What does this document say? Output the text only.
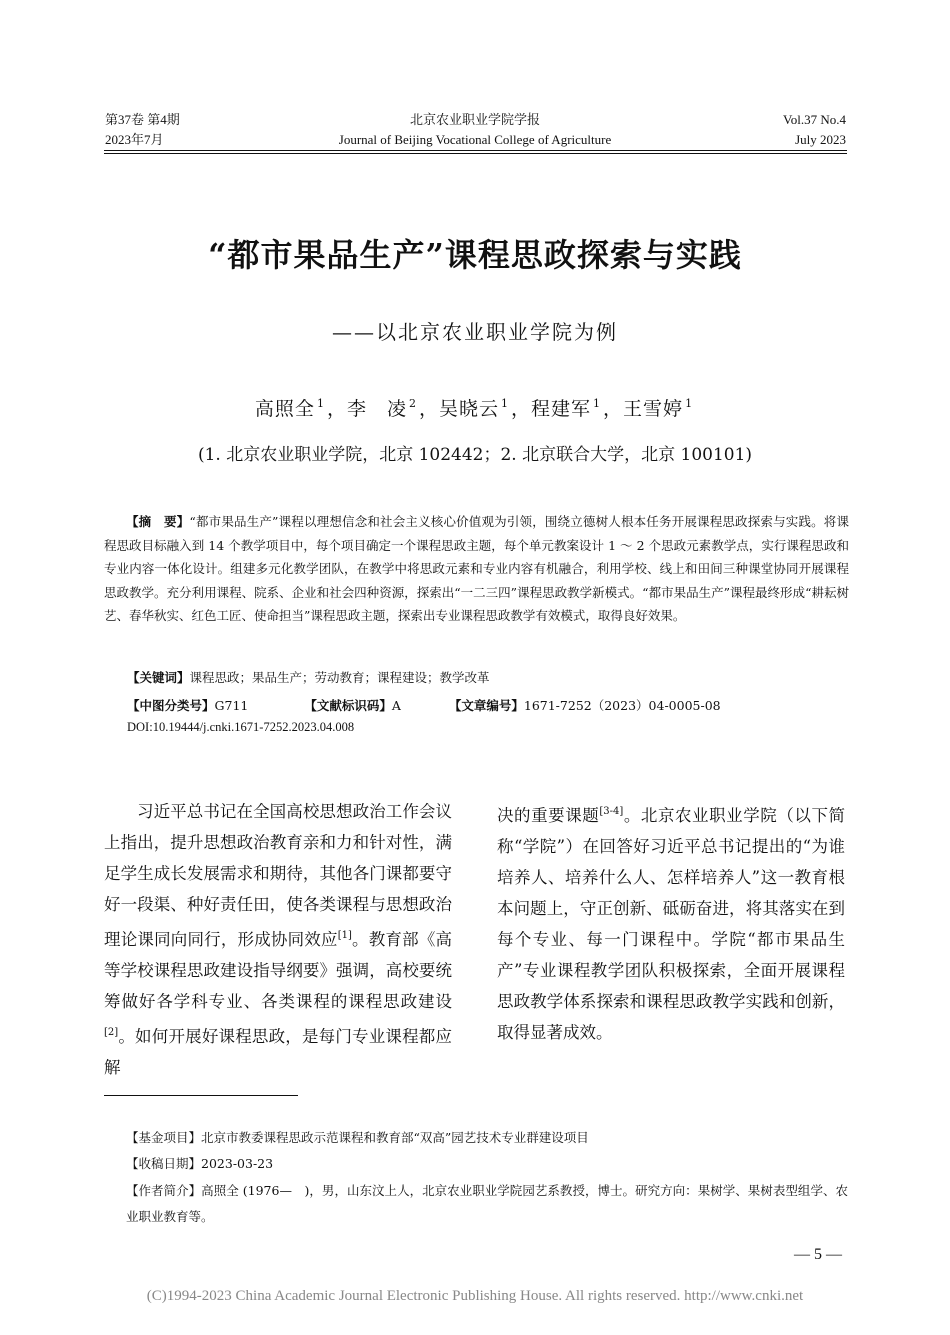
第37卷 第4期
2023年7月
北京农业职业学院学报
Journal of Beijing Vocational College of Agriculture
Vol.37 No.4
July 2023
“都市果品生产”课程思政探索与实践
——以北京农业职业学院为例
高照全 $^1$ ，李　凌 $^2$ ，吴晓云 $^1$ ，程建军 $^1$ ，王雪婷 $^1$
(1. 北京农业职业学院，北京 102442；2. 北京联合大学，北京 100101)
【摘　要】“都市果品生产”课程以理想信念和社会主义核心价值观为引领，围绕立德树人根本任务开展课程思政探索与实践。将课程思政目标融入到 14 个教学项目中，每个项目确定一个课程思政主题，每个单元教案设计 1 ～ 2 个思政元素教学点，实行课程思政和专业内容一体化设计。组建多元化教学团队，在教学中将思政元素和专业内容有机融合，利用学校、线上和田间三种课堂协同开展课程思政教学。充分利用课程、院系、企业和社会四种资源，探索出“一二三四”课程思政教学新模式。“都市果品生产”课程最终形成“耕耘树艺、春华秋实、红色工匠、使命担当”课程思政主题，探索出专业课程思政教学有效模式，取得良好效果。
【关键词】课程思政；果品生产；劳动教育；课程建设；教学改革
【中图分类号】G711	【文献标识码】A	【文章编号】1671-7252（2023）04-0005-08
DOI:10.19444/j.cnki.1671-7252.2023.04.008
习近平总书记在全国高校思想政治工作会议上指出，提升思想政治教育亲和力和针对性，满足学生成长发展需求和期待，其他各门课都要守好一段渠、种好责任田，使各类课程与思想政治理论课同向同行，形成协同效应[1]。教育部《高等学校课程思政建设指导纲要》强调，高校要统筹做好各学科专业、各类课程的课程思政建设[2]。如何开展好课程思政，是每门专业课程都应解
决的重要课题[3-4]。北京农业职业学院（以下简称“学院”）在回答好习近平总书记提出的“为谁培养人、培养什么人、怎样培养人”这一教育根本问题上，守正创新、砥砺奋进，将其落实在到每个专业、每一门课程中。学院“都市果品生产”专业课程教学团队积极探索，全面开展课程思政教学体系探索和课程思政教学实践和创新，取得显著成效。
【基金项目】北京市教委课程思政示范课程和教育部“双高”园艺技术专业群建设项目
【收稿日期】2023-03-23
【作者简介】高照全 (1976—　)，男，山东汶上人，北京农业职业学院园艺系教授，博士。研究方向：果树学、果树表型组学、农业职业教育等。
— 5 —
(C)1994-2023 China Academic Journal Electronic Publishing House. All rights reserved. http://www.cnki.net
